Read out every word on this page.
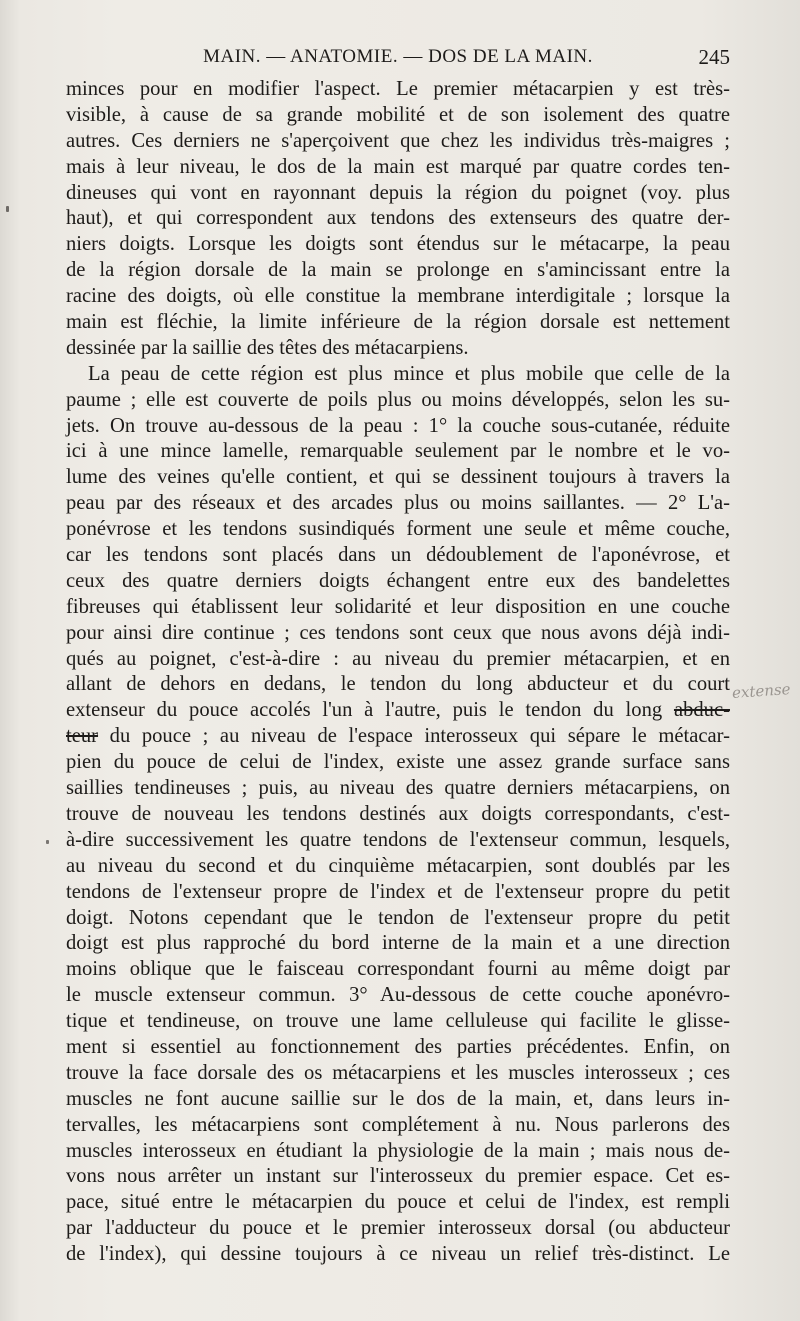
MAIN. — ANATOMIE. — DOS DE LA MAIN.	245
minces pour en modifier l'aspect. Le premier métacarpien y est très-
visible, à cause de sa grande mobilité et de son isolement des quatre
autres. Ces derniers ne s'aperçoivent que chez les individus très-maigres ;
mais à leur niveau, le dos de la main est marqué par quatre cordes ten-
dineuses qui vont en rayonnant depuis la région du poignet (voy. plus
haut), et qui correspondent aux tendons des extenseurs des quatre der-
niers doigts. Lorsque les doigts sont étendus sur le métacarpe, la peau
de la région dorsale de la main se prolonge en s'amincissant entre la
racine des doigts, où elle constitue la membrane interdigitale ; lorsque la
main est fléchie, la limite inférieure de la région dorsale est nettement
dessinée par la saillie des têtes des métacarpiens.
La peau de cette région est plus mince et plus mobile que celle de la
paume ; elle est couverte de poils plus ou moins développés, selon les su-
jets. On trouve au-dessous de la peau : 1° la couche sous-cutanée, réduite
ici à une mince lamelle, remarquable seulement par le nombre et le vo-
lume des veines qu'elle contient, et qui se dessinent toujours à travers la
peau par des réseaux et des arcades plus ou moins saillantes. — 2° L'a-
ponévrose et les tendons susindiqués forment une seule et même couche,
car les tendons sont placés dans un dédoublement de l'aponévrose, et
ceux des quatre derniers doigts échangent entre eux des bandelettes
fibreuses qui établissent leur solidarité et leur disposition en une couche
pour ainsi dire continue ; ces tendons sont ceux que nous avons déjà indi-
qués au poignet, c'est-à-dire : au niveau du premier métacarpien, et en
allant de dehors en dedans, le tendon du long abducteur et du court
extenseur du pouce accolés l'un à l'autre, puis le tendon du long abduc-
teur du pouce ; au niveau de l'espace interosseux qui sépare le métacar-
pien du pouce de celui de l'index, existe une assez grande surface sans
saillies tendineuses ; puis, au niveau des quatre derniers métacarpiens, on
trouve de nouveau les tendons destinés aux doigts correspondants, c'est-
à-dire successivement les quatre tendons de l'extenseur commun, lesquels,
au niveau du second et du cinquième métacarpien, sont doublés par les
tendons de l'extenseur propre de l'index et de l'extenseur propre du petit
doigt. Notons cependant que le tendon de l'extenseur propre du petit
doigt est plus rapproché du bord interne de la main et a une direction
moins oblique que le faisceau correspondant fourni au même doigt par
le muscle extenseur commun. 3° Au-dessous de cette couche aponévro-
tique et tendineuse, on trouve une lame celluleuse qui facilite le glisse-
ment si essentiel au fonctionnement des parties précédentes. Enfin, on
trouve la face dorsale des os métacarpiens et les muscles interosseux ; ces
muscles ne font aucune saillie sur le dos de la main, et, dans leurs in-
tervalles, les métacarpiens sont complétement à nu. Nous parlerons des
muscles interosseux en étudiant la physiologie de la main ; mais nous de-
vons nous arrêter un instant sur l'interosseux du premier espace. Cet es-
pace, situé entre le métacarpien du pouce et celui de l'index, est rempli
par l'adducteur du pouce et le premier interosseux dorsal (ou abducteur
de l'index), qui dessine toujours à ce niveau un relief très-distinct. Le
extense
